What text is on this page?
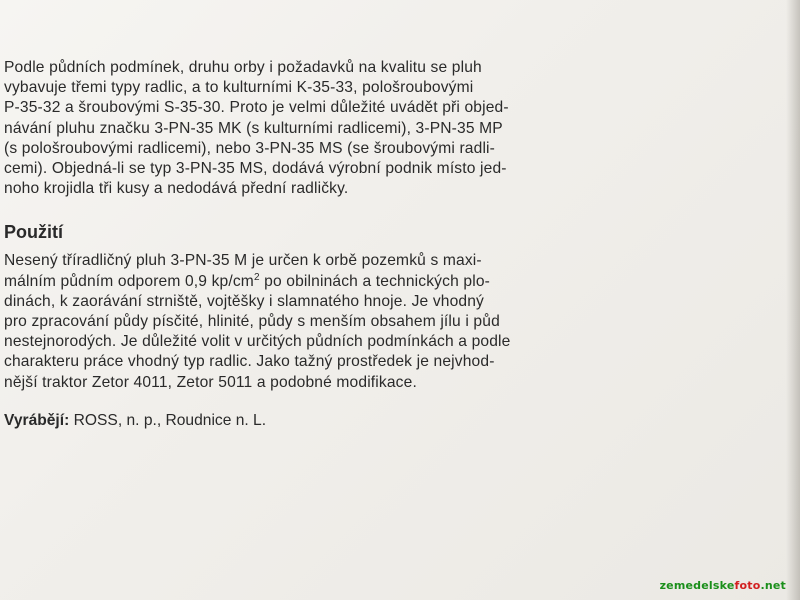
Podle půdních podmínek, druhu orby i požadavků na kvalitu se pluh
vybavuje třemi typy radlic, a to kulturními K-35-33, pološroubovými
P-35-32 a šroubovými S-35-30. Proto je velmi důležité uvádět při objed-
návání pluhu značku 3-PN-35 MK (s kulturními radlicemi), 3-PN-35 MP
(s pološroubovými radlicemi), nebo 3-PN-35 MS (se šroubovými radli-
cemi). Objedná-li se typ 3-PN-35 MS, dodává výrobní podnik místo jed-
noho krojidla tři kusy a nedodává přední radličky.

Použití

Nesený tříradličný pluh 3-PN-35 M je určen k orbě pozemků s maxi-
málním půdním odporem 0,9 $kp/cm^2$ po obilninách a technických plo-
dinách, k zaorávání strniště, vojtěšky i slamnatého hnoje. Je vhodný
pro zpracování půdy písčité, hlinité, půdy s menším obsahem jílu i půd
nestejnorodých. Je důležité volit v určitých půdních podmínkách a podle
charakteru práce vhodný typ radlic. Jako tažný prostředek je nejvhod-
nější traktor Zetor 4011, Zetor 5011 a podobné modifikace.

Vyrábějí: ROSS, n. p., Roudnice n. L.

zemedelskefoto.net
